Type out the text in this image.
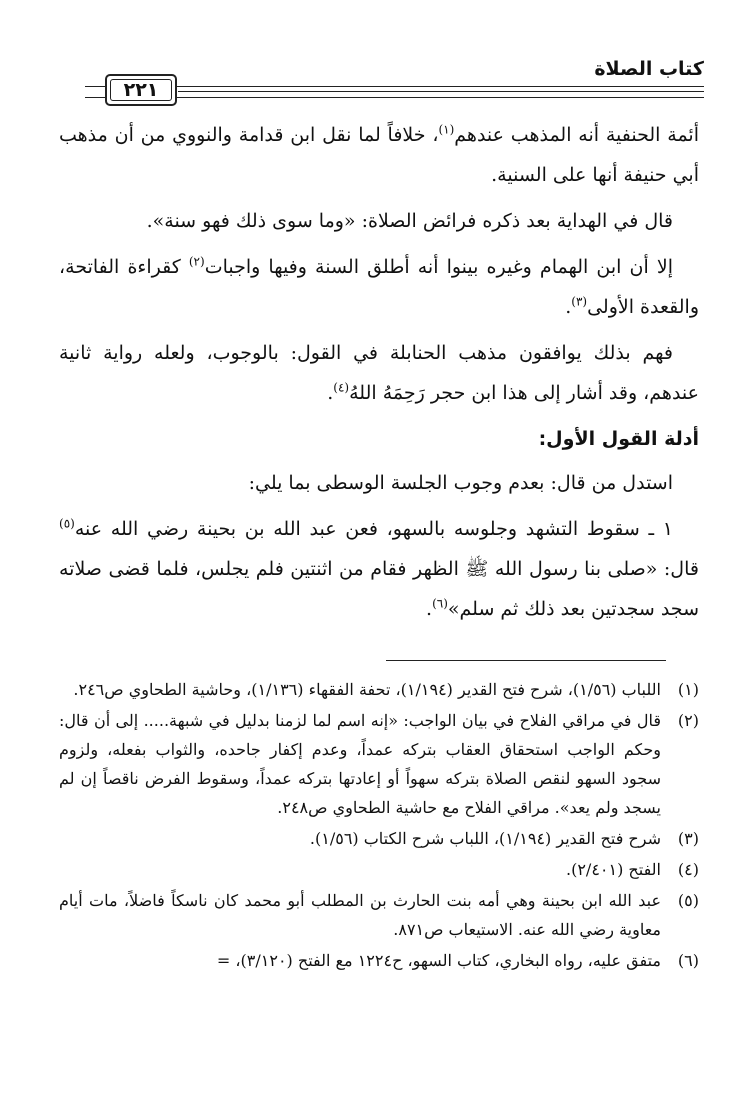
كتاب الصلاة
٢٢١

أئمة الحنفية أنه المذهب عندهم$^{(١)}$، خلافاً لما نقل ابن قدامة والنووي من أن مذهب أبي حنيفة أنها على السنية.

قال في الهداية بعد ذكره فرائض الصلاة: «وما سوى ذلك فهو سنة».

إلا أن ابن الهمام وغيره بينوا أنه أطلق السنة وفيها واجبات$^{(٢)}$ كقراءة الفاتحة، والقعدة الأولى$^{(٣)}$.

فهم بذلك يوافقون مذهب الحنابلة في القول: بالوجوب، ولعله رواية ثانية عندهم، وقد أشار إلى هذا ابن حجر رَحِمَهُ اللهُ$^{(٤)}$.

أدلة القول الأول:

استدل من قال: بعدم وجوب الجلسة الوسطى بما يلي:

١ ـ سقوط التشهد وجلوسه بالسهو، فعن عبد الله بن بحينة رضي الله عنه$^{(٥)}$ قال: «صلى بنا رسول الله ﷺ الظهر فقام من اثنتين فلم يجلس، فلما قضى صلاته سجد سجدتين بعد ذلك ثم سلم»$^{(٦)}$.

(١)
اللباب (١/٥٦)، شرح فتح القدير (١/١٩٤)، تحفة الفقهاء (١/١٣٦)، وحاشية الطحاوي ص٢٤٦.
(٢)
قال في مراقي الفلاح في بيان الواجب: «إنه اسم لما لزمنا بدليل في شبهة..... إلى أن قال: وحكم الواجب استحقاق العقاب بتركه عمداً، وعدم إكفار جاحده، والثواب بفعله، ولزوم سجود السهو لنقص الصلاة بتركه سهواً أو إعادتها بتركه عمداً، وسقوط الفرض ناقصاً إن لم يسجد ولم يعد». مراقي الفلاح مع حاشية الطحاوي ص٢٤٨.
(٣)
شرح فتح القدير (١/١٩٤)، اللباب شرح الكتاب (١/٥٦).
(٤)
الفتح (٢/٤٠١).
(٥)
عبد الله ابن بحينة وهي أمه بنت الحارث بن المطلب أبو محمد كان ناسكاً فاضلاً، مات أيام معاوية رضي الله عنه. الاستيعاب ص٨٧١.
(٦)
متفق عليه، رواه البخاري، كتاب السهو، ح١٢٢٤ مع الفتح (٣/١٢٠)، =
